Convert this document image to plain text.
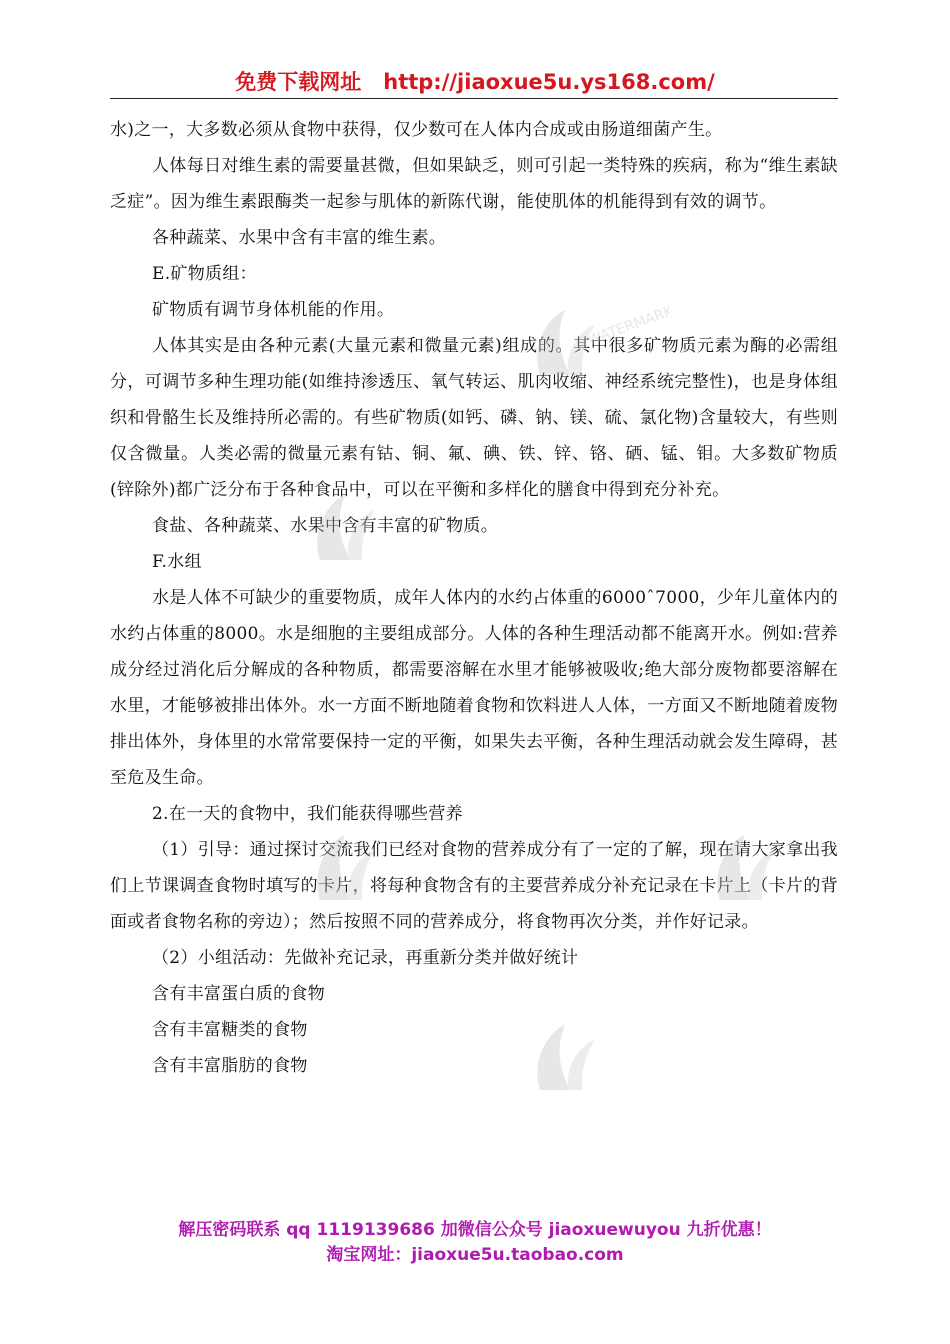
免费下载网址 http://jiaoxue5u.ys168.com/

水)之一，大多数必须从食物中获得，仅少数可在人体内合成或由肠道细菌产生。

人体每日对维生素的需要量甚微，但如果缺乏，则可引起一类特殊的疾病，称为“维生素缺乏症”。因为维生素跟酶类一起参与肌体的新陈代谢，能使肌体的机能得到有效的调节。

各种蔬菜、水果中含有丰富的维生素。

E.矿物质组：

矿物质有调节身体机能的作用。

人体其实是由各种元素(大量元素和微量元素)组成的。其中很多矿物质元素为酶的必需组分，可调节多种生理功能(如维持渗透压、氧气转运、肌肉收缩、神经系统完整性)，也是身体组织和骨骼生长及维持所必需的。有些矿物质(如钙、磷、钠、镁、硫、氯化物)含量较大，有些则仅含微量。人类必需的微量元素有钴、铜、氟、碘、铁、锌、铬、硒、锰、钼。大多数矿物质(锌除外)都广泛分布于各种食品中，可以在平衡和多样化的膳食中得到充分补充。

食盐、各种蔬菜、水果中含有丰富的矿物质。

F.水组

水是人体不可缺少的重要物质，成年人体内的水约占体重的6000ˆ7000，少年儿童体内的水约占体重的8000。水是细胞的主要组成部分。人体的各种生理活动都不能离开水。例如:营养成分经过消化后分解成的各种物质，都需要溶解在水里才能够被吸收;绝大部分废物都要溶解在水里，才能够被排出体外。水一方面不断地随着食物和饮料进人人体，一方面又不断地随着废物排出体外，身体里的水常常要保持一定的平衡，如果失去平衡，各种生理活动就会发生障碍，甚至危及生命。

2.在一天的食物中，我们能获得哪些营养

（1）引导：通过探讨交流我们已经对食物的营养成分有了一定的了解，现在请大家拿出我们上节课调查食物时填写的卡片，将每种食物含有的主要营养成分补充记录在卡片上（卡片的背面或者食物名称的旁边）；然后按照不同的营养成分，将食物再次分类，并作好记录。

（2）小组活动：先做补充记录，再重新分类并做好统计

含有丰富蛋白质的食物

含有丰富糖类的食物

含有丰富脂肪的食物

WATERMARK
解压密码联系 qq 1119139686 加微信公众号 jiaoxuewuyou 九折优惠！
淘宝网址：jiaoxue5u.taobao.com
